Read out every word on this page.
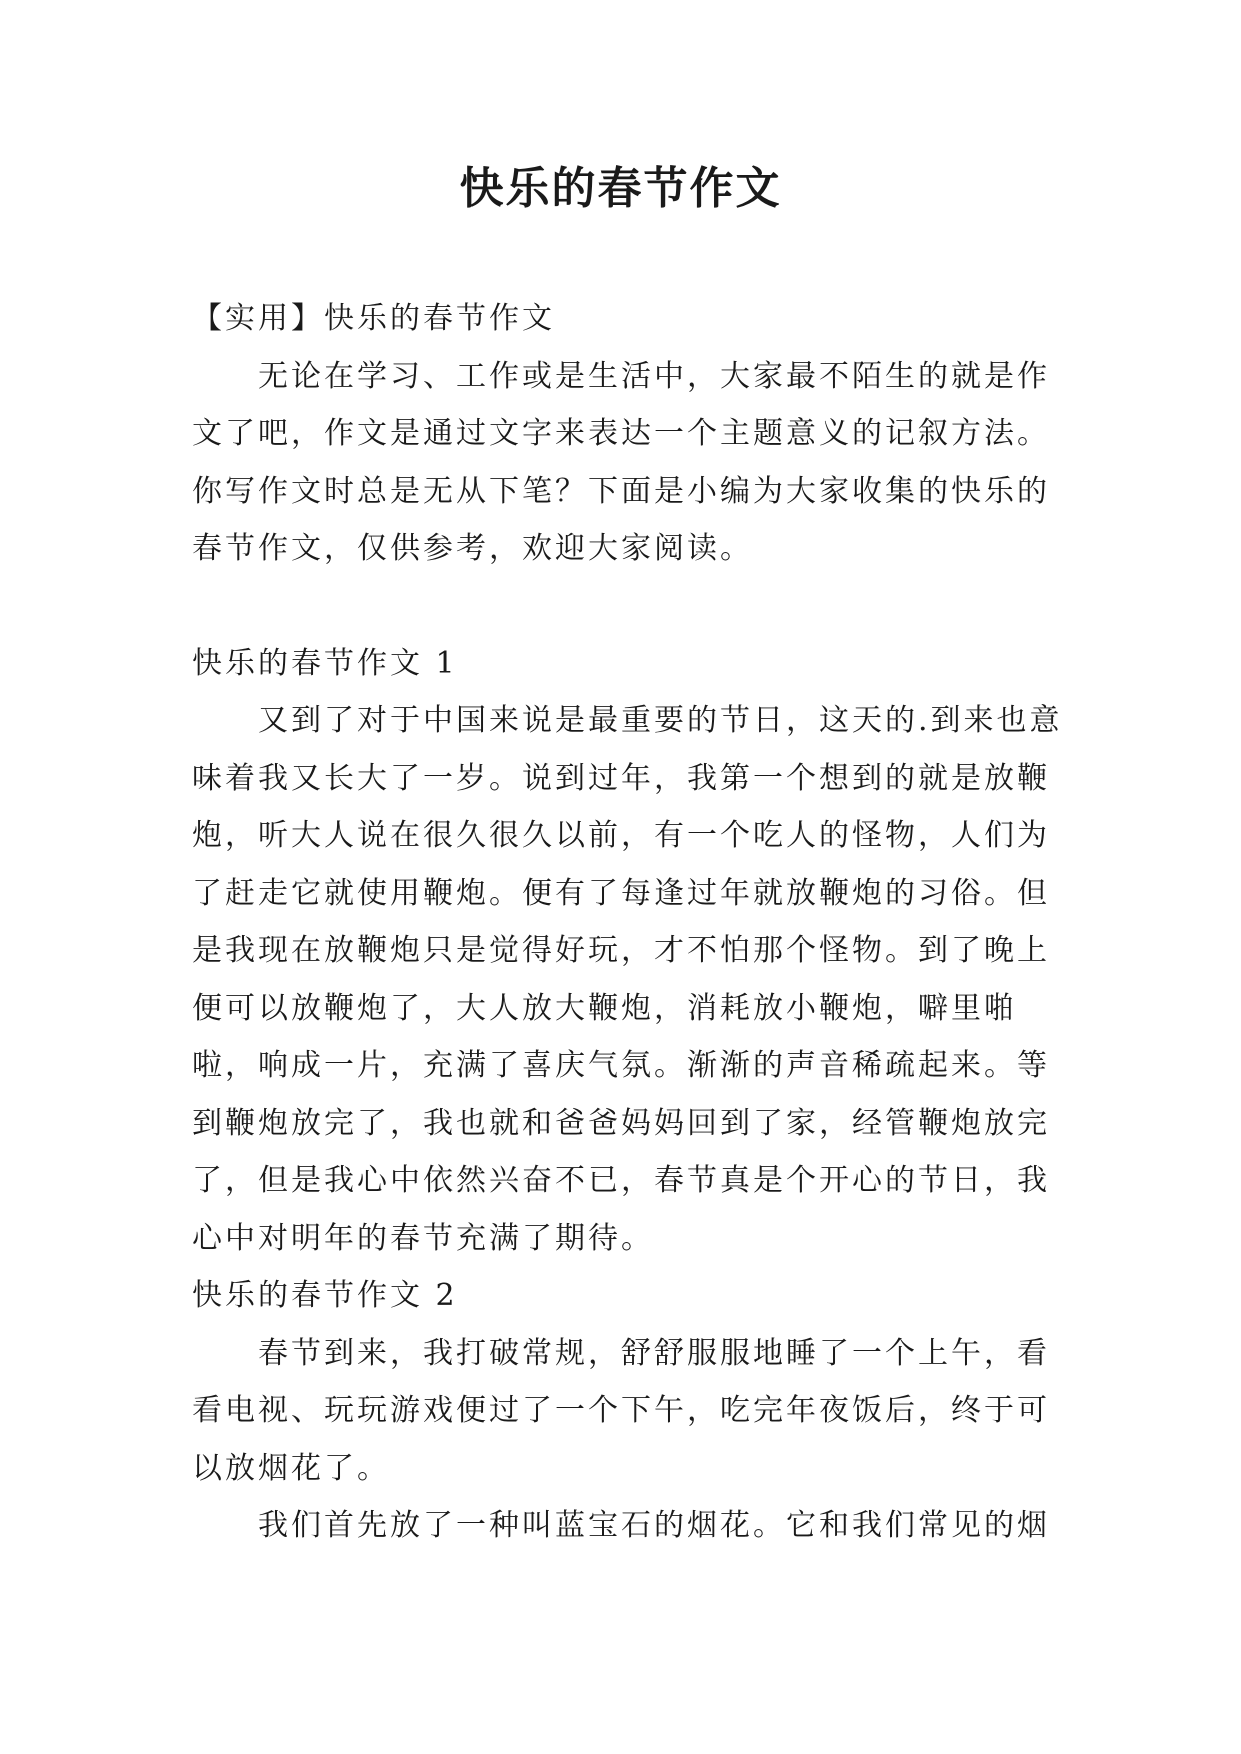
快乐的春节作文

【实用】快乐的春节作文

无论在学习、工作或是生活中，大家最不陌生的就是作文了吧，作文是通过文字来表达一个主题意义的记叙方法。你写作文时总是无从下笔？下面是小编为大家收集的快乐的春节作文，仅供参考，欢迎大家阅读。

快乐的春节作文 1

又到了对于中国来说是最重要的节日，这天的.到来也意味着我又长大了一岁。说到过年，我第一个想到的就是放鞭炮，听大人说在很久很久以前，有一个吃人的怪物，人们为了赶走它就使用鞭炮。便有了每逢过年就放鞭炮的习俗。但是我现在放鞭炮只是觉得好玩，才不怕那个怪物。到了晚上便可以放鞭炮了，大人放大鞭炮，消耗放小鞭炮，噼里啪啦，响成一片，充满了喜庆气氛。渐渐的声音稀疏起来。等到鞭炮放完了，我也就和爸爸妈妈回到了家，经管鞭炮放完了，但是我心中依然兴奋不已，春节真是个开心的节日，我心中对明年的春节充满了期待。

快乐的春节作文 2

春节到来，我打破常规，舒舒服服地睡了一个上午，看看电视、玩玩游戏便过了一个下午，吃完年夜饭后，终于可以放烟花了。

我们首先放了一种叫蓝宝石的烟花。它和我们常见的烟
